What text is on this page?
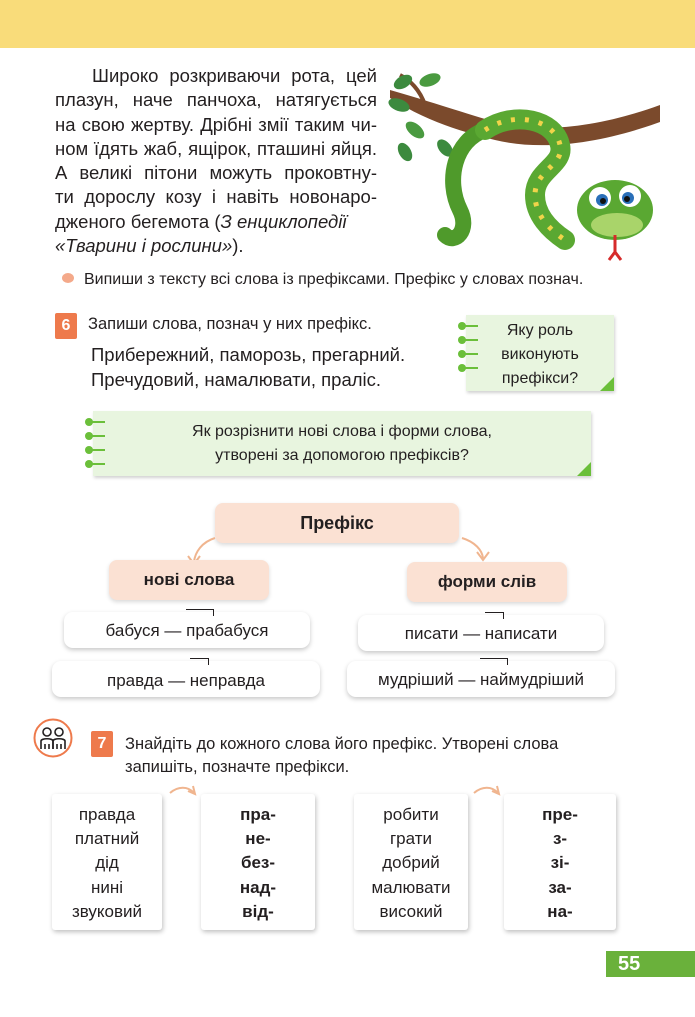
Широко розкриваючи рота, цей
плазун, наче панчоха, натягується
на свою жертву. Дрібні змії таким чи-
ном їдять жаб, ящірок, пташині яйця.
А великі пітони можуть проковтну-
ти дорослу козу і навіть новонаро-
дженого бегемота (З енциклопедії
«Тварини і рослини»).
Випиши з тексту всі слова із префіксами. Префікс у словах познач.
6	Запиши слова, познач у них префікс.
Прибережний, паморозь, прегарний.
Пречудовий, намалювати, праліс.
Яку роль
виконують
префікси?
Як розрізнити нові слова і форми слова,
утворені за допомогою префіксів?
Префікс
нові слова	форми слів
бабуся — прабабуся
правда — неправда
писати — написати
мудріший — наймудріший
7	Знайдіть до кожного слова його префікс. Утворені слова запишіть, позначте префікси.
правда
платний
дід
нині
звуковий
пра-
не-
без-
над-
від-
робити
грати
добрий
малювати
високий
пре-
з-
зі-
за-
на-
55
